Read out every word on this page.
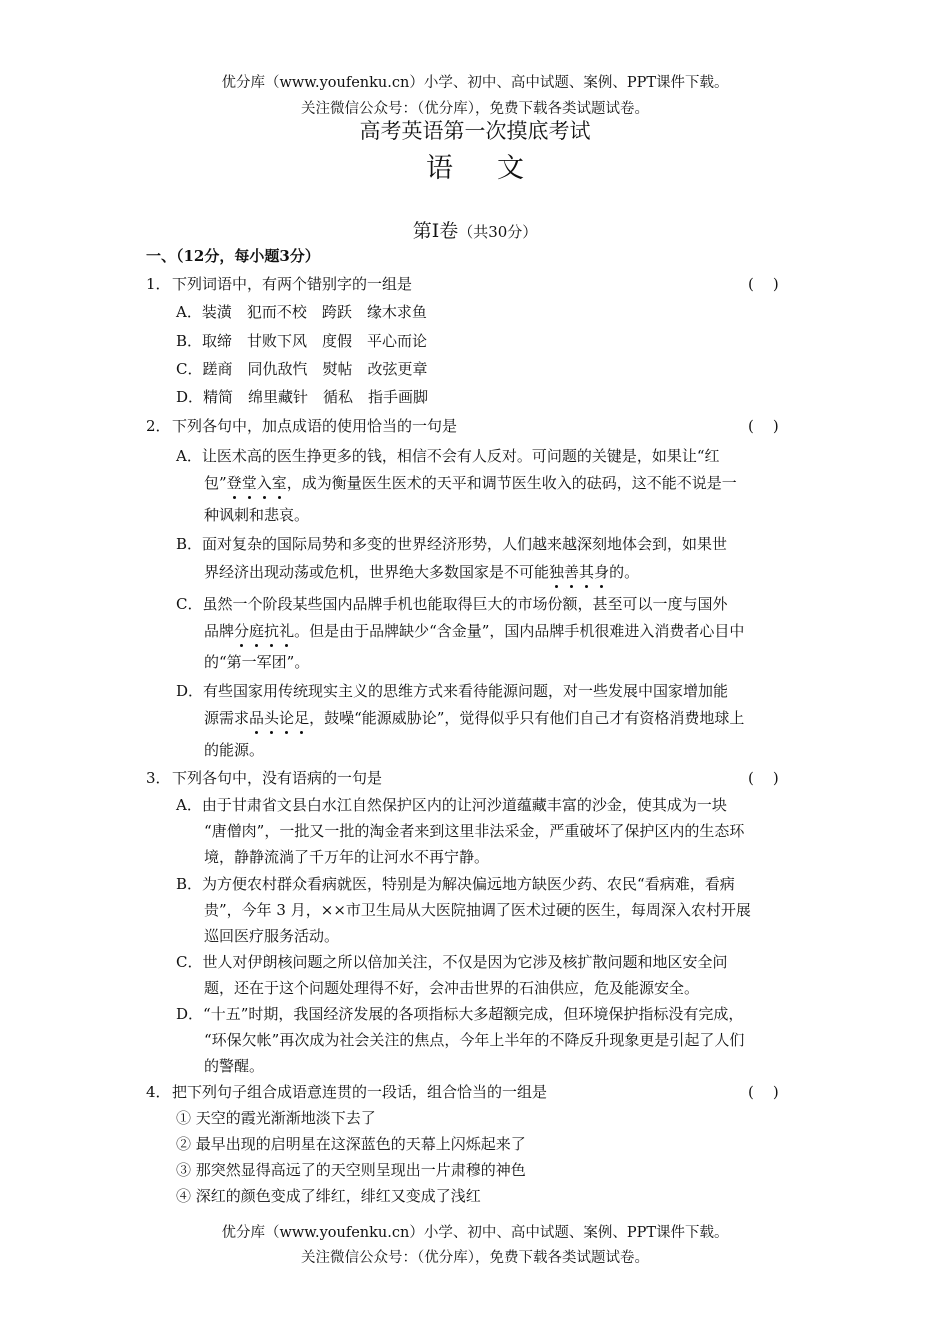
优分库（www.youfenku.cn）小学、初中、高中试题、案例、PPT课件下载。
关注微信公众号：（优分库），免费下载各类试题试卷。
高考英语第一次摸底考试
语文
第Ⅰ卷（共30分）
一、（12分，每小题3分）
1．下列词语中，有两个错别字的一组是	(    )
A．装潢　犯而不校　跨跃　缘木求鱼
B．取缔　甘败下风　度假　平心而论
C．蹉商　同仇敌忾　熨帖　改弦更章
D．精简　绵里藏针　循私　指手画脚
2．下列各句中，加点成语的使用恰当的一句是	(    )
A．让医术高的医生挣更多的钱，相信不会有人反对。可问题的关键是，如果让“红
包”登堂入室，成为衡量医生医术的天平和调节医生收入的砝码，这不能不说是一
种讽刺和悲哀。
B．面对复杂的国际局势和多变的世界经济形势，人们越来越深刻地体会到，如果世
界经济出现动荡或危机，世界绝大多数国家是不可能独善其身的。
C．虽然一个阶段某些国内品牌手机也能取得巨大的市场份额，甚至可以一度与国外
品牌分庭抗礼。但是由于品牌缺少“含金量”，国内品牌手机很难进入消费者心目中
的“第一军团”。
D．有些国家用传统现实主义的思维方式来看待能源问题，对一些发展中国家增加能
源需求品头论足，鼓噪“能源威胁论”，觉得似乎只有他们自己才有资格消费地球上
的能源。
3．下列各句中，没有语病的一句是	(    )
A．由于甘肃省文县白水江自然保护区内的让河沙道蕴藏丰富的沙金，使其成为一块
“唐僧肉”，一批又一批的淘金者来到这里非法采金，严重破坏了保护区内的生态环
境，静静流淌了千万年的让河水不再宁静。
B．为方便农村群众看病就医，特别是为解决偏远地方缺医少药、农民“看病难，看病
贵”，今年 3 月，××市卫生局从大医院抽调了医术过硬的医生，每周深入农村开展
巡回医疗服务活动。
C．世人对伊朗核问题之所以倍加关注，不仅是因为它涉及核扩散问题和地区安全问
题，还在于这个问题处理得不好，会冲击世界的石油供应，危及能源安全。
D．“十五”时期，我国经济发展的各项指标大多超额完成，但环境保护指标没有完成，
“环保欠帐”再次成为社会关注的焦点，今年上半年的不降反升现象更是引起了人们
的警醒。
4．把下列句子组合成语意连贯的一段话，组合恰当的一组是	(    )
① 天空的霞光渐渐地淡下去了
② 最早出现的启明星在这深蓝色的天幕上闪烁起来了
③ 那突然显得高远了的天空则呈现出一片肃穆的神色
④ 深红的颜色变成了绯红，绯红又变成了浅红
优分库（www.youfenku.cn）小学、初中、高中试题、案例、PPT课件下载。
关注微信公众号：（优分库），免费下载各类试题试卷。
